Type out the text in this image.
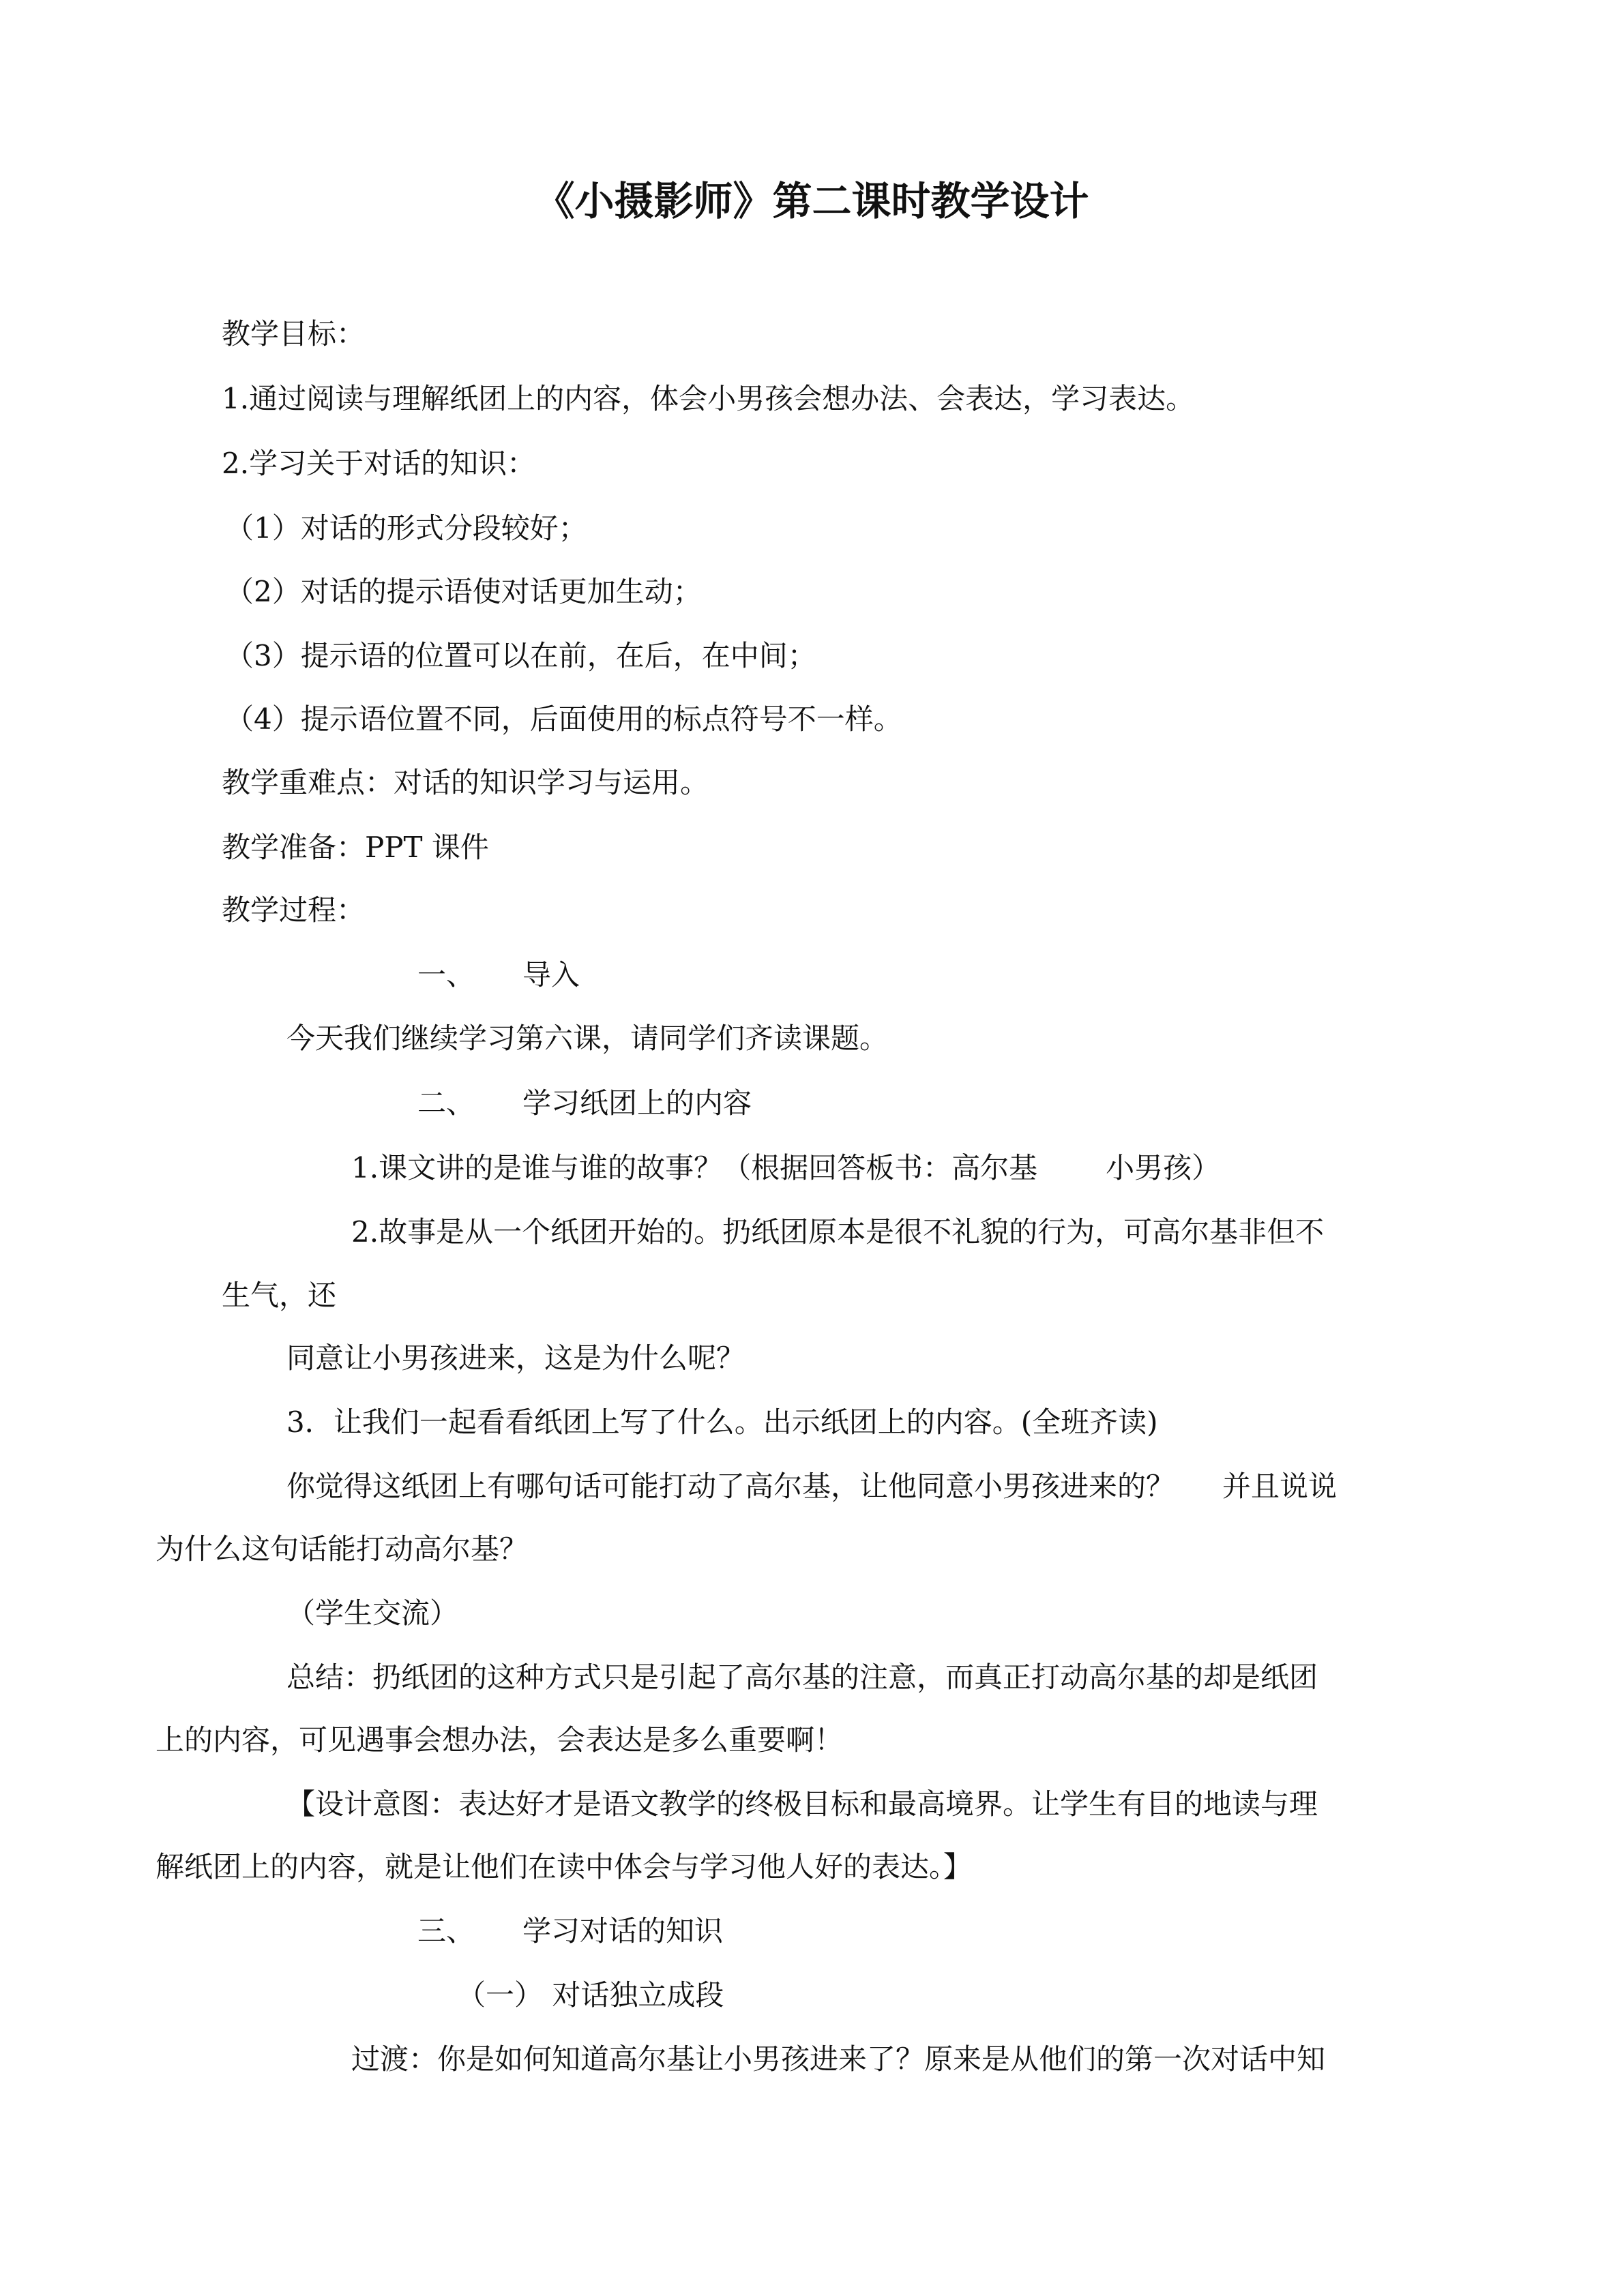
《小摄影师》第二课时教学设计
教学目标：
1.通过阅读与理解纸团上的内容，体会小男孩会想办法、会表达，学习表达。
2.学习关于对话的知识：
（1）对话的形式分段较好；
（2）对话的提示语使对话更加生动；
（3）提示语的位置可以在前，在后，在中间；
（4）提示语位置不同，后面使用的标点符号不一样。
教学重难点：对话的知识学习与运用。
教学准备：PPT 课件
教学过程：
一、 导入
今天我们继续学习第六课，请同学们齐读课题。
二、 学习纸团上的内容
1.课文讲的是谁与谁的故事？（根据回答板书：高尔基 小男孩）
2.故事是从一个纸团开始的。扔纸团原本是很不礼貌的行为，可高尔基非但不
生气，还
同意让小男孩进来，这是为什么呢？
3．让我们一起看看纸团上写了什么。出示纸团上的内容。(全班齐读)
你觉得这纸团上有哪句话可能打动了高尔基，让他同意小男孩进来的？ 并且说说
为什么这句话能打动高尔基？
（学生交流）
总结：扔纸团的这种方式只是引起了高尔基的注意，而真正打动高尔基的却是纸团
上的内容，可见遇事会想办法，会表达是多么重要啊！
【设计意图：表达好才是语文教学的终极目标和最高境界。让学生有目的地读与理
解纸团上的内容，就是让他们在读中体会与学习他人好的表达。】
三、 学习对话的知识
（一） 对话独立成段
过渡：你是如何知道高尔基让小男孩进来了？原来是从他们的第一次对话中知
